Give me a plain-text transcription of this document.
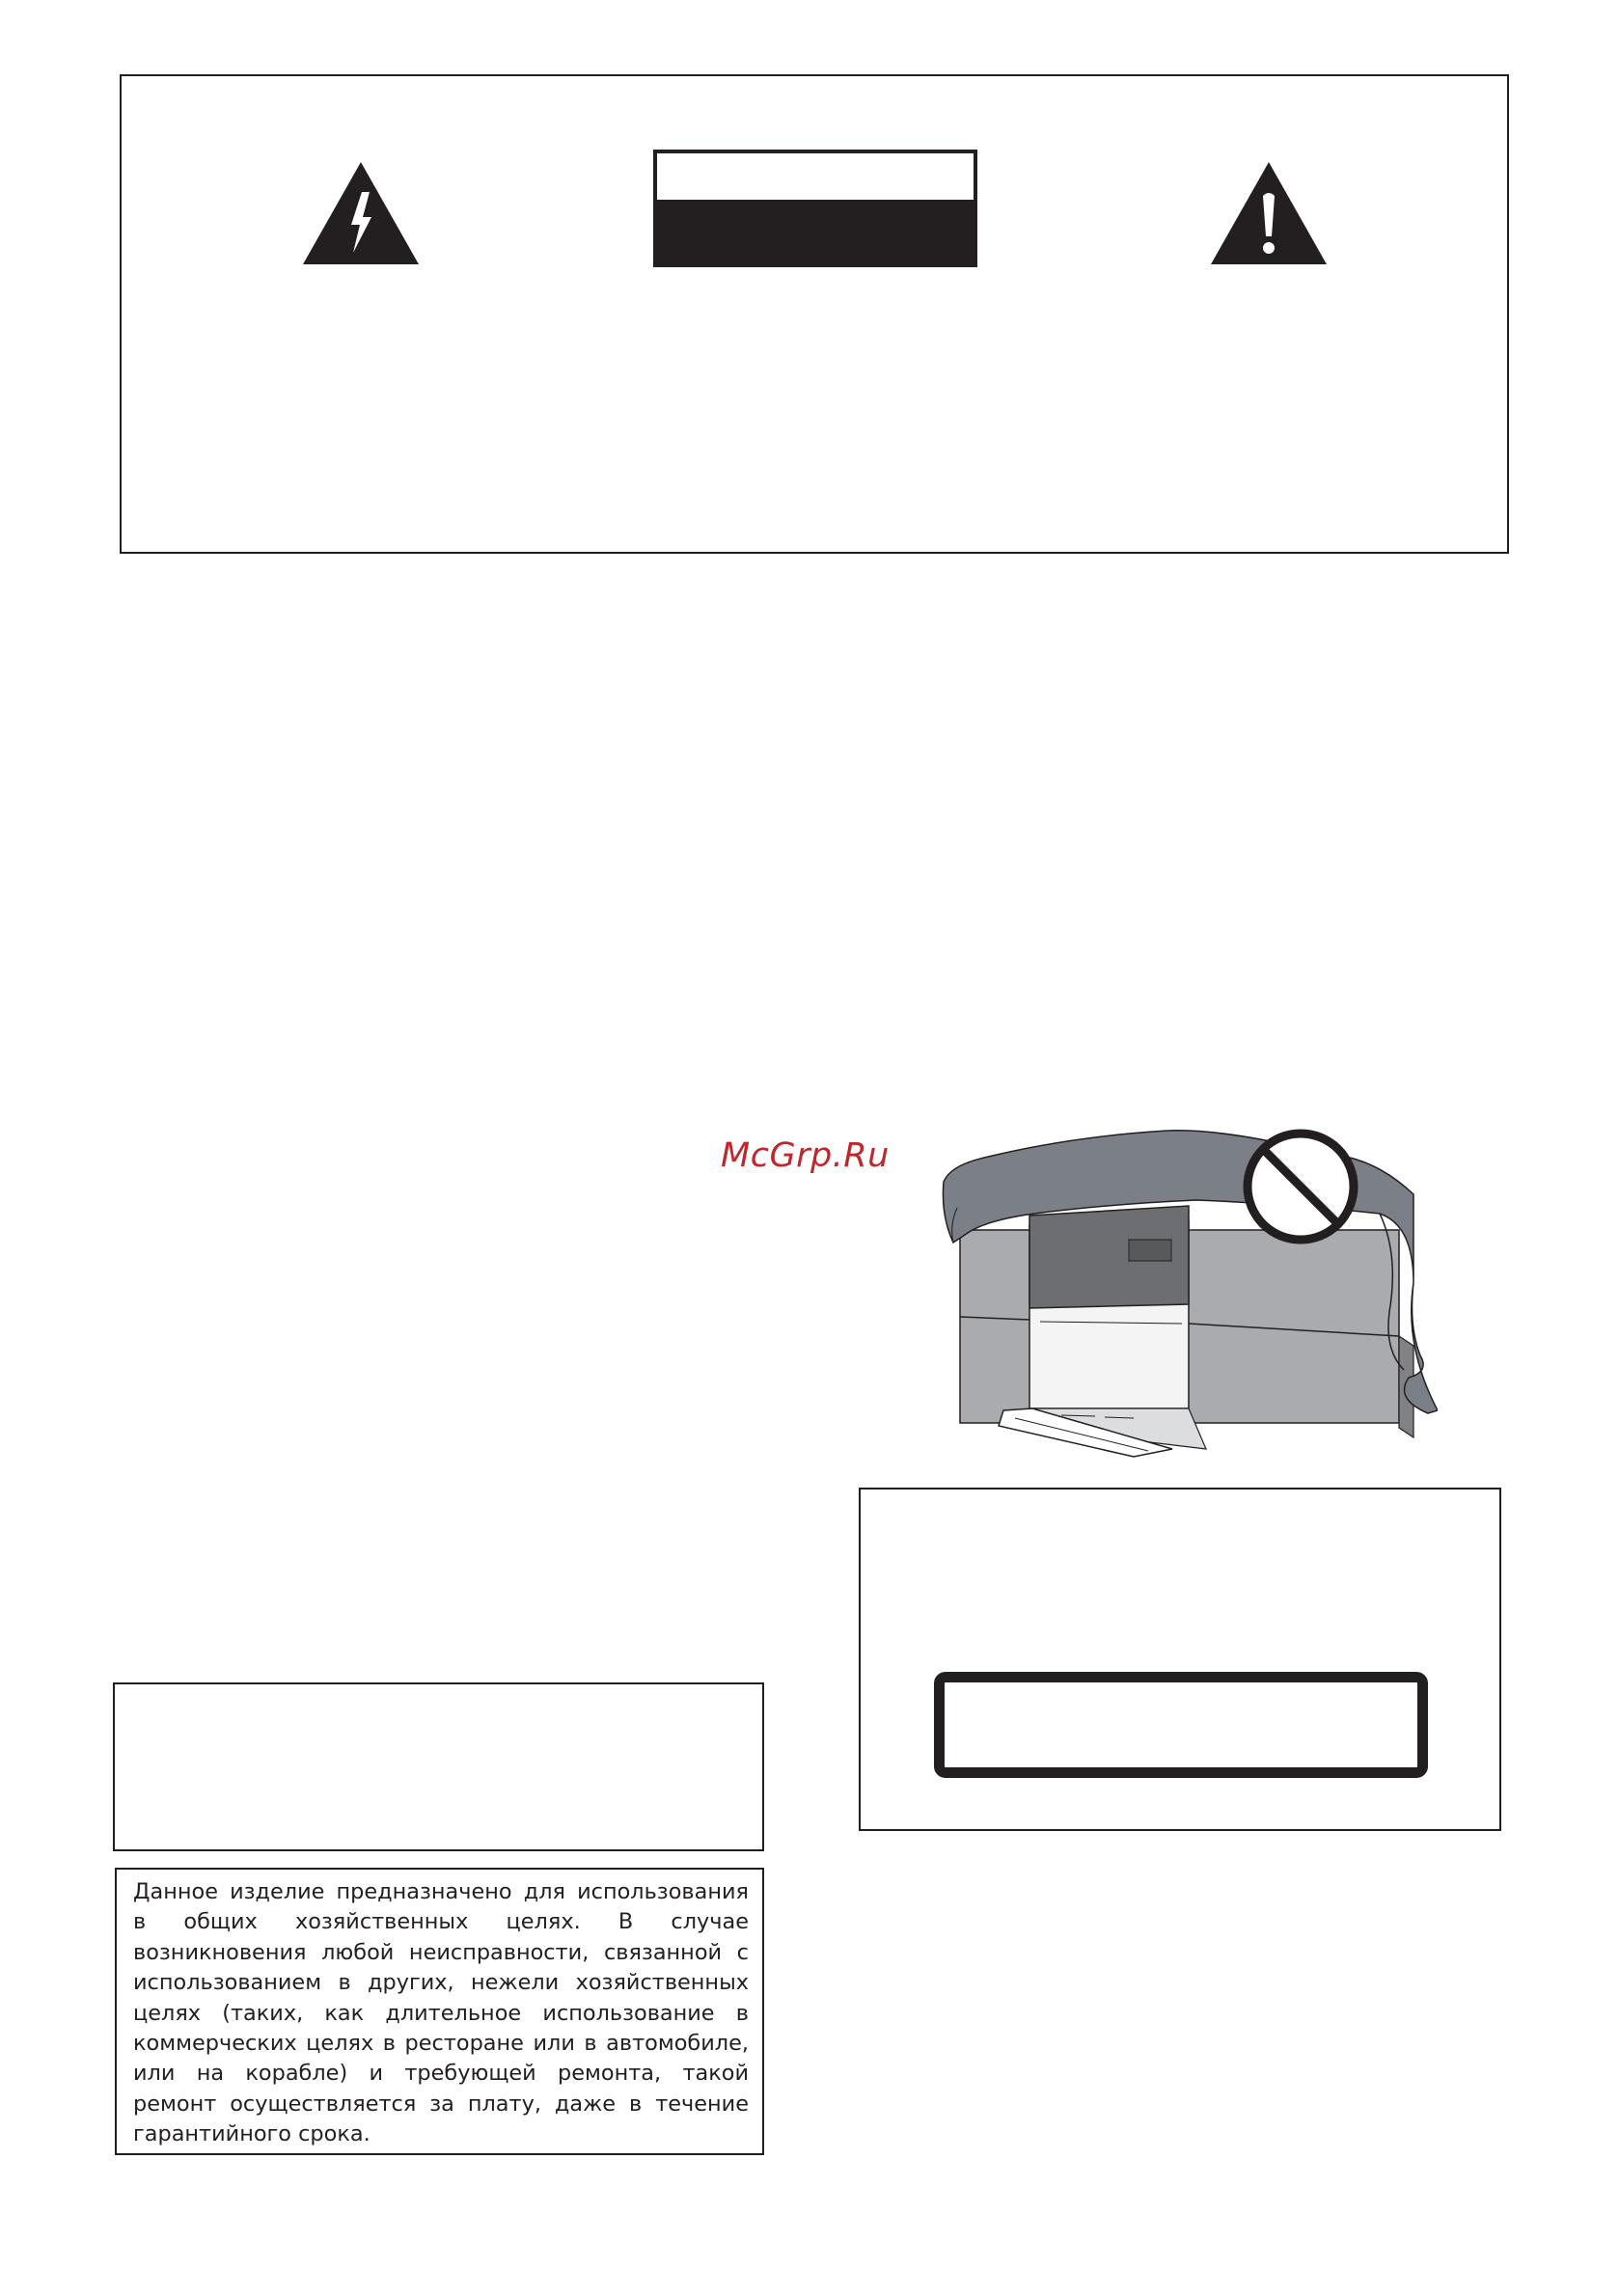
McGrp.Ru

Данное изделие предназначено для использования в общих хозяйственных целях. В случае возникновения любой неисправности, связанной с использованием в других, нежели хозяйственных целях (таких, как длительное использование в коммерческих целях в ресторане или в автомобиле, или на корабле) и требующей ремонта, такой ремонт осуществляется за плату, даже в течение гарантийного срока.
